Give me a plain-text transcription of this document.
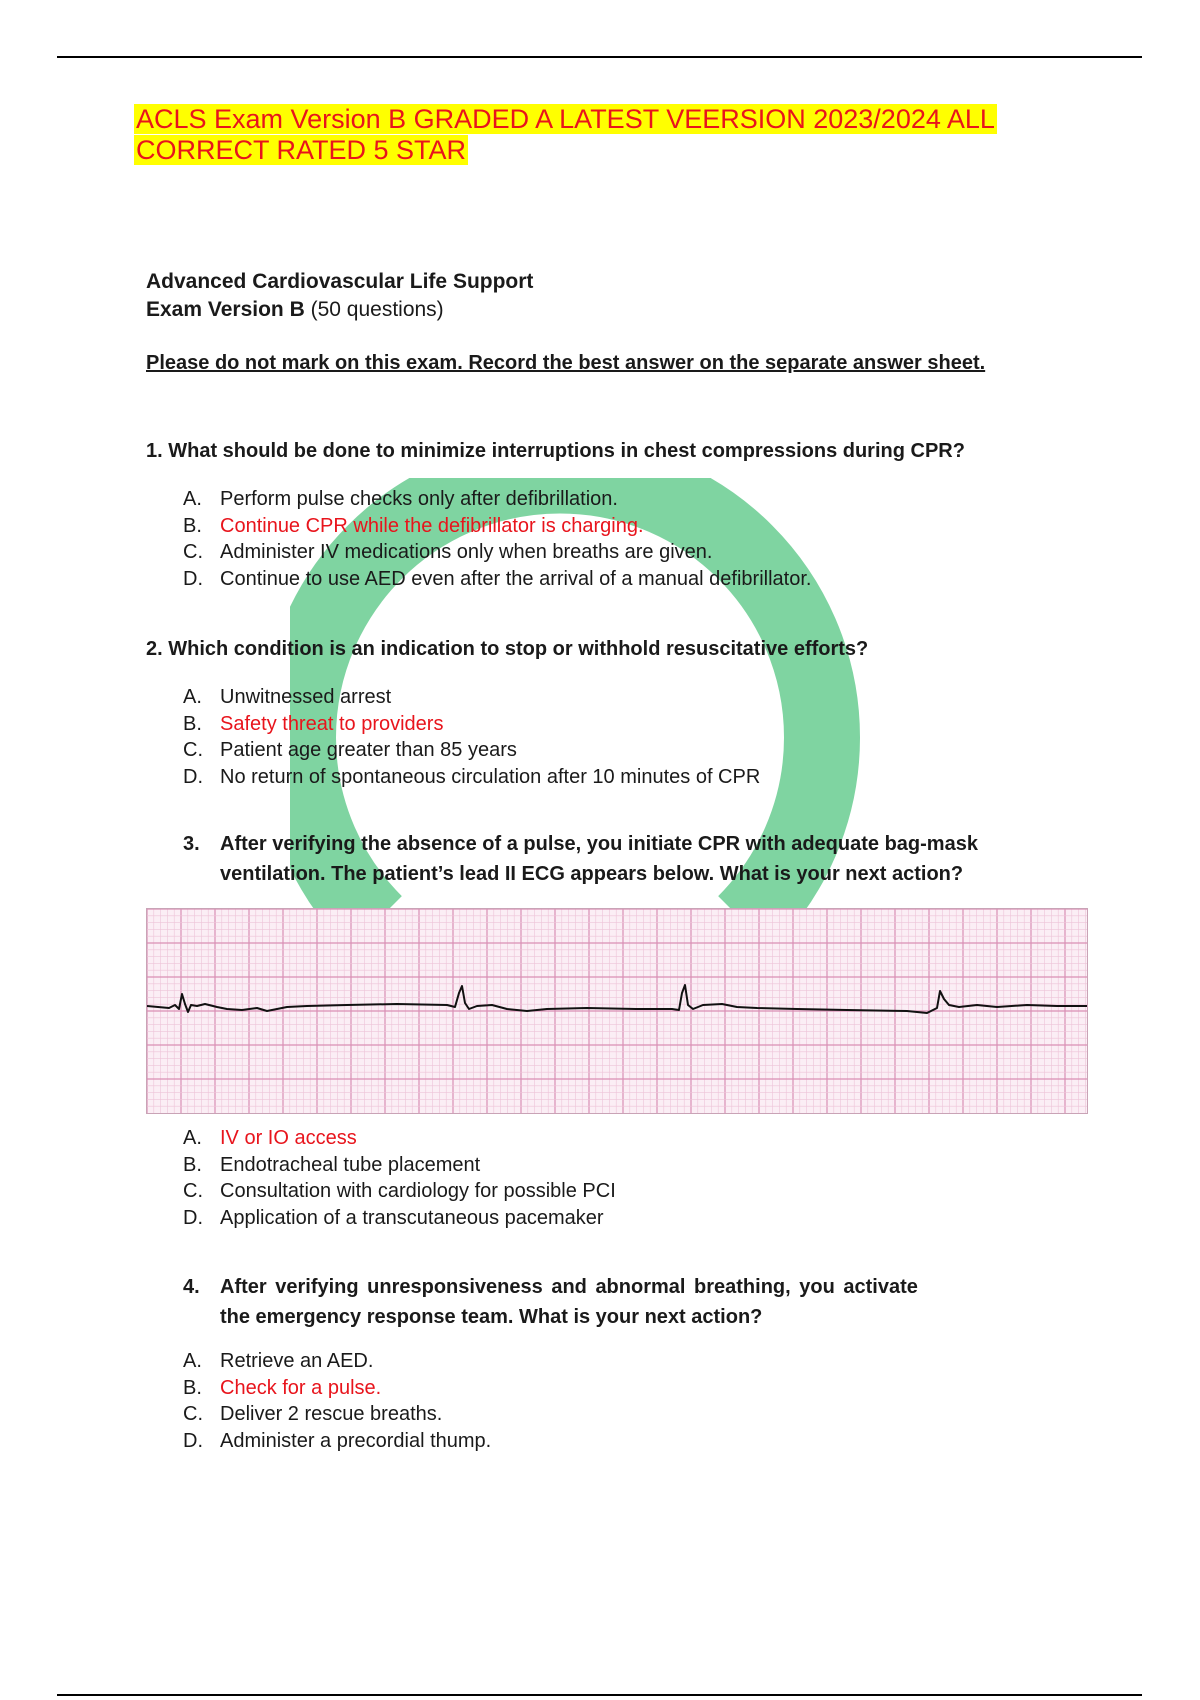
ACLS Exam Version B GRADED A LATEST VEERSION 2023/2024 ALL
CORRECT RATED 5 STAR

Advanced Cardiovascular Life Support

Exam Version B (50 questions)

Please do not mark on this exam. Record the best answer on the separate answer sheet.

1. What should be done to minimize interruptions in chest compressions during CPR?

A. Perform pulse checks only after defibrillation.
B. Continue CPR while the defibrillator is charging.
C. Administer IV medications only when breaths are given.
D. Continue to use AED even after the arrival of a manual defibrillator.

2. Which condition is an indication to stop or withhold resuscitative efforts?

A. Unwitnessed arrest
B. Safety threat to providers
C. Patient age greater than 85 years
D. No return of spontaneous circulation after 10 minutes of CPR
3.	After verifying the absence of a pulse, you initiate CPR with adequate bag-mask

ventilation. The patient’s lead II ECG appears below. What is your next action?

A. IV or IO access
B. Endotracheal tube placement
C. Consultation with cardiology for possible PCI
D. Application of a transcutaneous pacemaker
4.	After verifying unresponsiveness and abnormal breathing, you activate

the emergency response team. What is your next action?

A. Retrieve an AED.
B. Check for a pulse.
C. Deliver 2 rescue breaths.
D. Administer a precordial thump.
